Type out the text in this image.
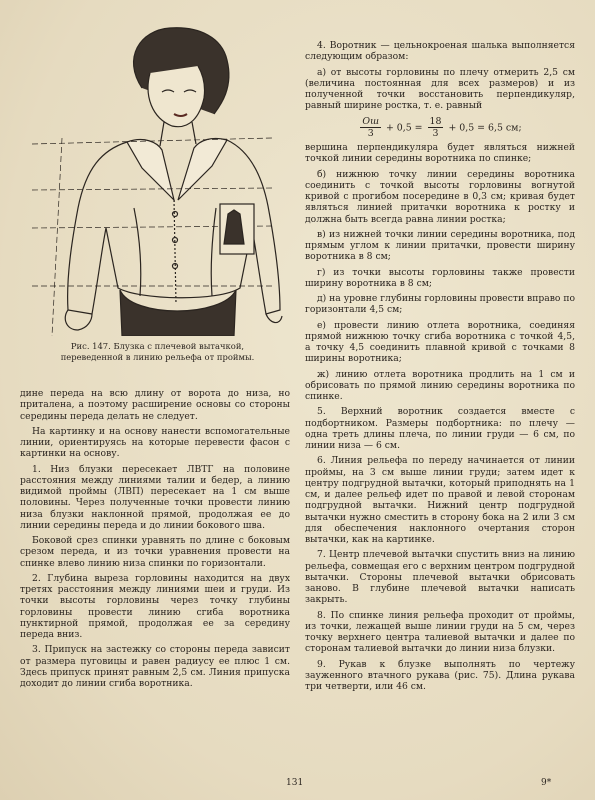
Рис. 147. Блузка с плечевой вытачкой, переведенной в линию рельефа от проймы.

дине переда на всю длину от ворота до низа, но приталена, а поэтому расширение основы со стороны середины переда делать не следует.

На картинку и на основу нанести вспомогательные линии, ориентируясь на которые перевести фасон с картинки на основу.

1. Низ блузки пересекает ЛВТГ на половине расстояния между линиями талии и бедер, а линию видимой проймы (ЛВП) пересекает на 1 см выше половины. Через полученные точки провести линию низа блузки наклонной прямой, продолжая ее до линии середины переда и до линии бокового шва.

Боковой срез спинки уравнять по длине с боковым срезом переда, и из точки уравнения провести на спинке влево линию низа спинки по горизонтали.

2. Глубина выреза горловины находится на двух третях расстояния между линиями шеи и груди. Из точки высоты горловины через точку глубины горловины провести линию сгиба воротника пунктирной прямой, продолжая ее за середину переда вниз.

3. Припуск на застежку со стороны переда зависит от размера пуговицы и равен радиусу ее плюс 1 см. Здесь припуск принят равным 2,5 см. Линия припуска доходит до линии сгиба воротника.

4. Воротник — цельнокроеная шалька выполняется следующим образом:

а) от высоты горловины по плечу отмерить 2,5 см (величина постоянная для всех размеров) и из полученной точки восстановить перпендикуляр, равный ширине ростка, т. е. равный

$\frac{Ош}{3} + 0,5 = \frac{18}{3} + 0,5 = 6,5$ см;

вершина перпендикуляра будет являться нижней точкой линии середины воротника по спинке;

б) нижнюю точку линии середины воротника соединить с точкой высоты горловины вогнутой кривой с прогибом посередине в 0,3 см; кривая будет являться линией притачки воротника к ростку и должна быть всегда равна линии ростка;

в) из нижней точки линии середины воротника, под прямым углом к линии притачки, провести ширину воротника в 8 см;

г) из точки высоты горловины также провести ширину воротника в 8 см;

д) на уровне глубины горловины провести вправо по горизонтали 4,5 см;

е) провести линию отлета воротника, соединяя прямой нижнюю точку сгиба воротника с точкой 4,5, а точку 4,5 соединить плавной кривой с точками 8 ширины воротника;

ж) линию отлета воротника продлить на 1 см и обрисовать по прямой линию середины воротника по спинке.

5. Верхний воротник создается вместе с подбортником. Размеры подбортника: по плечу — одна треть длины плеча, по линии груди — 6 см, по линии низа — 6 см.

6. Линия рельефа по переду начинается от линии проймы, на 3 см выше линии груди; затем идет к центру подгрудной вытачки, который приподнять на 1 см, и далее рельеф идет по правой и левой сторонам подгрудной вытачки. Нижний центр подгрудной вытачки нужно сместить в сторону бока на 2 или 3 см для обеспечения наклонного очертания сторон вытачки, как на картинке.

7. Центр плечевой вытачки спустить вниз на линию рельефа, совмещая его с верхним центром подгрудной вытачки. Стороны плечевой вытачки обрисовать заново. В глубине плечевой вытачки написать закрыть.

8. По спинке линия рельефа проходит от проймы, из точки, лежащей выше линии груди на 5 см, через точку верхнего центра талиевой вытачки и далее по сторонам талиевой вытачки до линии низа блузки.

9. Рукав к блузке выполнять по чертежу зауженного втачного рукава (рис. 75). Длина рукава три четверти, или 46 см.

131	9*
